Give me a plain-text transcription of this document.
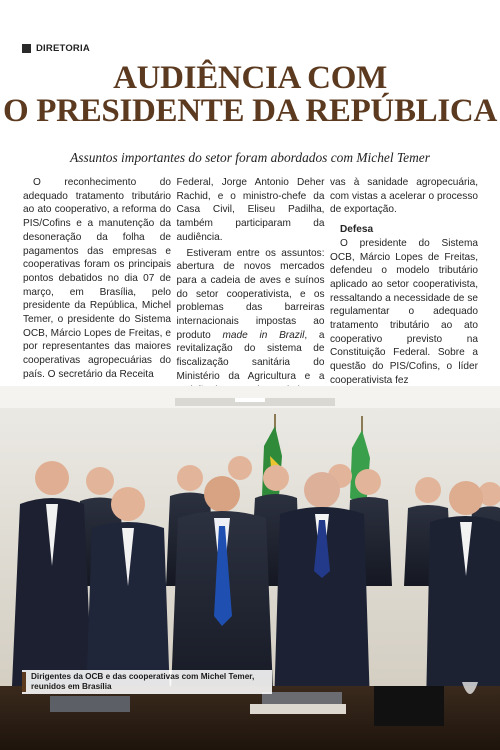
DIRETORIA
AUDIÊNCIA COM
O PRESIDENTE DA REPÚBLICA
Assuntos importantes do setor foram abordados com Michel Temer

O reconhecimento do adequado tratamento tributário ao ato cooperativo, a reforma do PIS/Cofins e a manutenção da desoneração da folha de pagamentos das empresas e cooperativas foram os principais pontos debatidos no dia 07 de março, em Brasília, pelo presidente da República, Michel Temer, o presidente do Sistema OCB, Márcio Lopes de Freitas, e por representantes das maiores cooperativas agropecuárias do país. O secretário da Receita

Federal, Jorge Antonio Deher Rachid, e o ministro-chefe da Casa Civil, Eliseu Padilha, também participaram da audiência.

Estiveram entre os assuntos: abertura de novos mercados para a cadeia de aves e suínos do setor cooperativista, e os problemas das barreiras internacionais impostas ao produto made in Brazil, a revitalização do sistema de fiscalização sanitária do Ministério da Agricultura e a

vas à sanidade agropecuária, com vistas a acelerar o processo de exportação.

Defesa

O presidente do Sistema OCB, Márcio Lopes de Freitas, defendeu o modelo tributário aplicado ao setor cooperativista, ressaltando a necessidade de se regulamentar o adequado tratamento tributário ao ato cooperativo previsto na Constituição Federal. Sobre a questão do PIS/Cofins, o líder cooperativista fez

Dirigentes da OCB e das cooperativas com Michel Temer,
reunidos em Brasília
